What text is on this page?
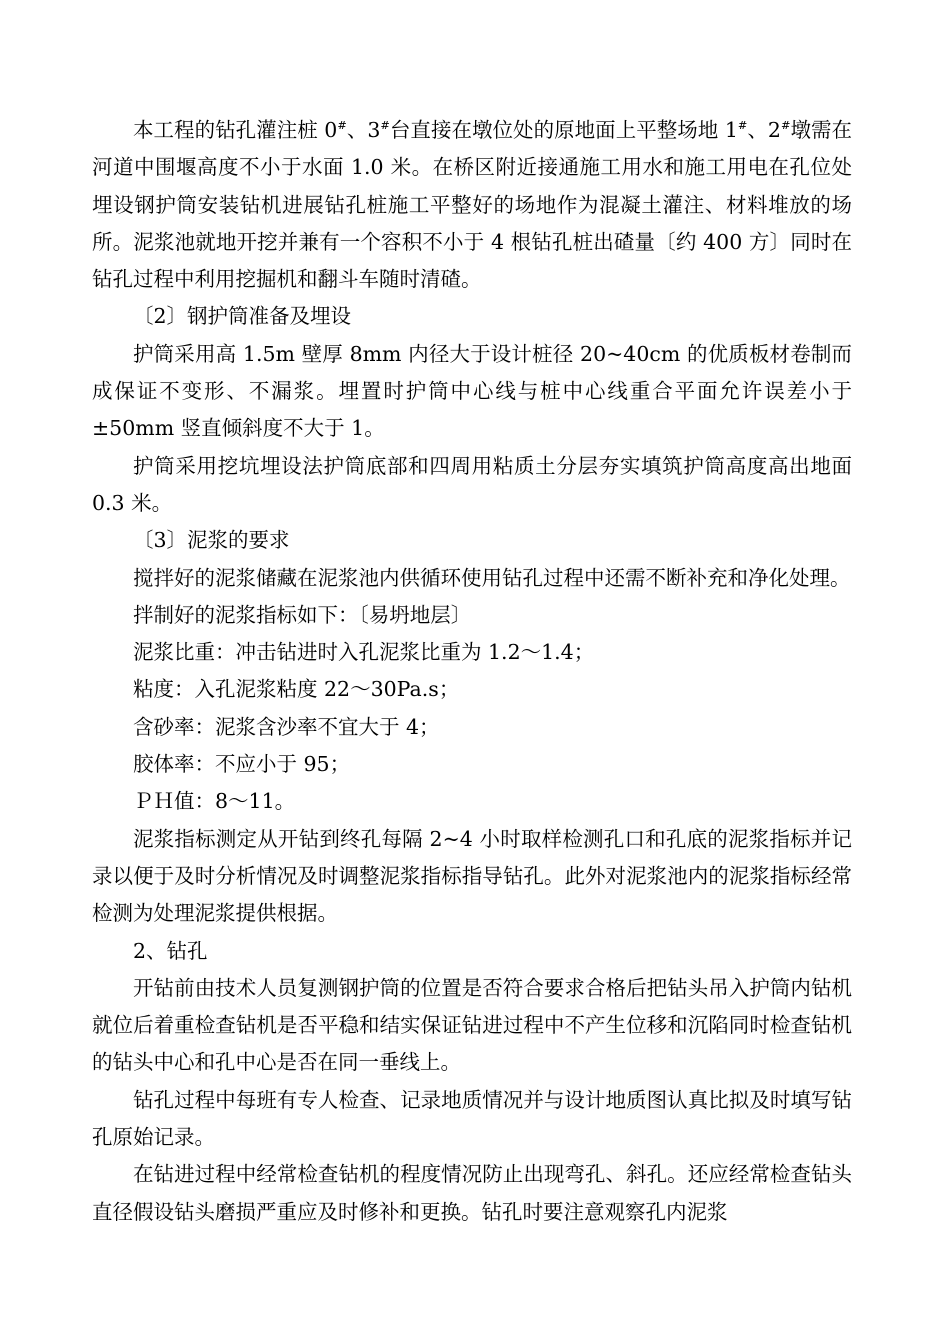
本工程的钻孔灌注桩 0#、3#台直接在墩位处的原地面上平整场地 1#、2#墩需在河道中围堰高度不小于水面 1.0 米。在桥区附近接通施工用水和施工用电在孔位处埋设钢护筒安装钻机进展钻孔桩施工平整好的场地作为混凝土灌注、材料堆放的场所。泥浆池就地开挖并兼有一个容积不小于 4 根钻孔桩出碴量〔约 400 方〕同时在钻孔过程中利用挖掘机和翻斗车随时清碴。

〔2〕钢护筒准备及埋设

护筒采用高 1.5m 壁厚 8mm 内径大于设计桩径 20~40cm 的优质板材卷制而成保证不变形、不漏浆。埋置时护筒中心线与桩中心线重合平面允许误差小于±50mm 竖直倾斜度不大于 1。

护筒采用挖坑埋设法护筒底部和四周用粘质土分层夯实填筑护筒高度高出地面 0.3 米。

〔3〕泥浆的要求

搅拌好的泥浆储藏在泥浆池内供循环使用钻孔过程中还需不断补充和净化处理。

拌制好的泥浆指标如下：〔易坍地层〕

泥浆比重：冲击钻进时入孔泥浆比重为 1.2～1.4；

粘度：入孔泥浆粘度 22～30Pa.s；

含砂率：泥浆含沙率不宜大于 4；

胶体率：不应小于 95；

ＰＨ值：8～11。

泥浆指标测定从开钻到终孔每隔 2~4 小时取样检测孔口和孔底的泥浆指标并记录以便于及时分析情况及时调整泥浆指标指导钻孔。此外对泥浆池内的泥浆指标经常检测为处理泥浆提供根据。

2、钻孔

开钻前由技术人员复测钢护筒的位置是否符合要求合格后把钻头吊入护筒内钻机就位后着重检查钻机是否平稳和结实保证钻进过程中不产生位移和沉陷同时检查钻机的钻头中心和孔中心是否在同一垂线上。

钻孔过程中每班有专人检查、记录地质情况并与设计地质图认真比拟及时填写钻孔原始记录。

在钻进过程中经常检查钻机的程度情况防止出现弯孔、斜孔。还应经常检查钻头直径假设钻头磨损严重应及时修补和更换。钻孔时要注意观察孔内泥浆
